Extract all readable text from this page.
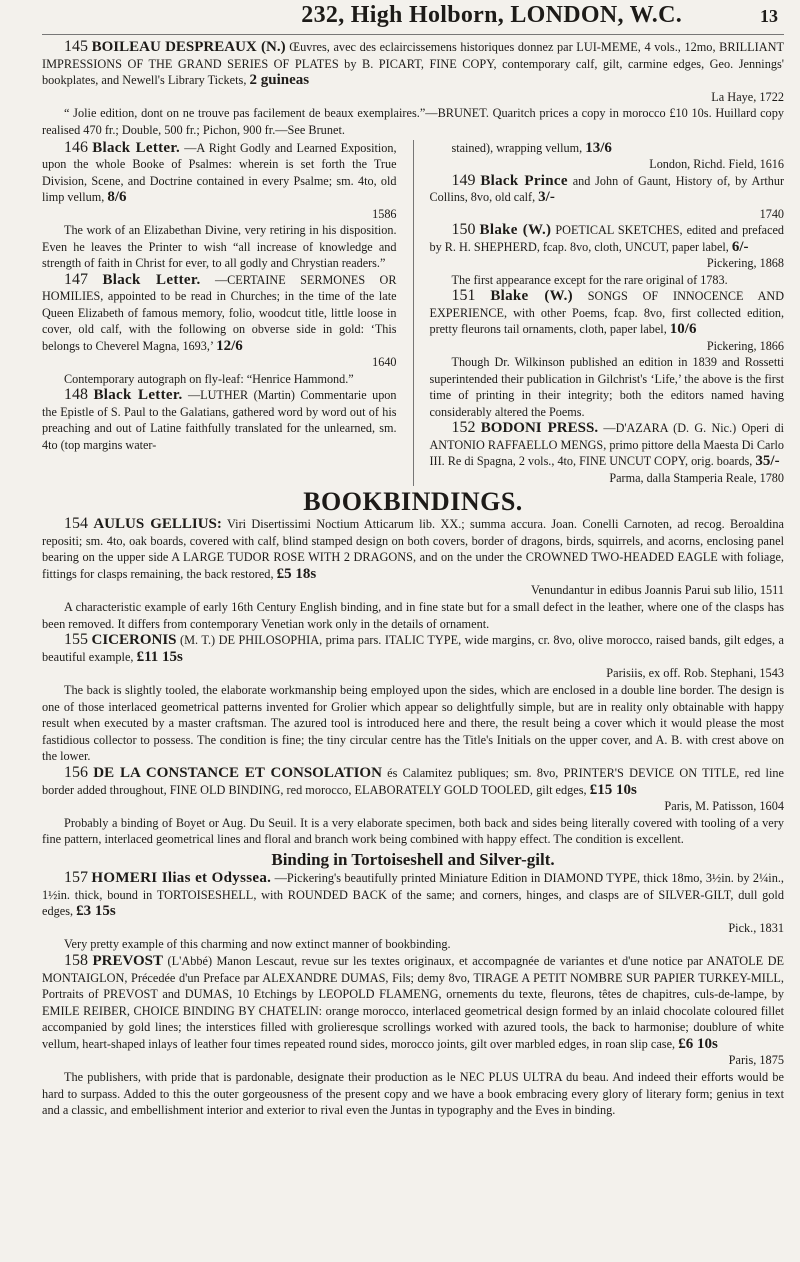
232, High Holborn, LONDON, W.C.	13

145 BOILEAU DESPREAUX (N.) Œuvres, avec des eclaircissemens historiques donnez par LUI-MEME, 4 vols., 12mo, BRILLIANT IMPRESSIONS OF THE GRAND SERIES OF PLATES by B. PICART, FINE COPY, contemporary calf, gilt, carmine edges, Geo. Jennings' bookplates, and Newell's Library Tickets, 2 guineas
La Haye, 1722

“ Jolie edition, dont on ne trouve pas facilement de beaux exemplaires.”—BRUNET. Quaritch prices a copy in morocco £10 10s. Huillard copy realised 470 fr.; Double, 500 fr.; Pichon, 900 fr.—See Brunet.

146 Black Letter. —A Right Godly and Learned Exposition, upon the whole Booke of Psalmes: wherein is set forth the True Division, Scene, and Doctrine contained in every Psalme; sm. 4to, old limp vellum, 8/6
1586

The work of an Elizabethan Divine, very retiring in his disposition. Even he leaves the Printer to wish “all increase of knowledge and strength of faith in Christ for ever, to all godly and Chrystian readers.”

147 Black Letter. —CERTAINE SERMONES OR HOMILIES, appointed to be read in Churches; in the time of the late Queen Elizabeth of famous memory, folio, woodcut title, little loose in cover, old calf, with the following on obverse side in gold: ‘This belongs to Cheverel Magna, 1693,’ 12/6
1640

Contemporary autograph on fly-leaf: “Henrice Hammond.”

148 Black Letter. —LUTHER (Martin) Commentarie upon the Epistle of S. Paul to the Galatians, gathered word by word out of his preaching and out of Latine faithfully translated for the unlearned, sm. 4to (top margins water-

stained), wrapping vellum, 13/6
London, Richd. Field, 1616

149 Black Prince and John of Gaunt, History of, by Arthur Collins, 8vo, old calf, 3/-
1740

150 Blake (W.) POETICAL SKETCHES, edited and prefaced by R. H. SHEPHERD, fcap. 8vo, cloth, UNCUT, paper label, 6/-
Pickering, 1868

The first appearance except for the rare original of 1783.

151 Blake (W.) SONGS OF INNOCENCE AND EXPERIENCE, with other Poems, fcap. 8vo, first collected edition, pretty fleurons tail ornaments, cloth, paper label, 10/6
Pickering, 1866

Though Dr. Wilkinson published an edition in 1839 and Rossetti superintended their publication in Gilchrist's ‘Life,’ the above is the first time of printing in their integrity; both the editors named having considerably altered the Poems.

152 BODONI PRESS. —D'AZARA (D. G. Nic.) Operi di ANTONIO RAFFAELLO MENGS, primo pittore della Maesta Di Carlo III. Re di Spagna, 2 vols., 4to, FINE UNCUT COPY, orig. boards, 35/-
Parma, dalla Stamperia Reale, 1780

BOOKBINDINGS.

154 AULUS GELLIUS: Viri Disertissimi Noctium Atticarum lib. XX.; summa accura. Joan. Conelli Carnoten, ad recog. Beroaldina repositi; sm. 4to, oak boards, covered with calf, blind stamped design on both covers, border of dragons, birds, squirrels, and acorns, enclosing panel bearing on the upper side A LARGE TUDOR ROSE WITH 2 DRAGONS, and on the under the CROWNED TWO-HEADED EAGLE with foliage, fittings for clasps remaining, the back restored, £5 18s
Venundantur in edibus Joannis Parui sub lilio, 1511

A characteristic example of early 16th Century English binding, and in fine state but for a small defect in the leather, where one of the clasps has been removed. It differs from contemporary Venetian work only in the details of ornament.

155 CICERONIS (M. T.) DE PHILOSOPHIA, prima pars. ITALIC TYPE, wide margins, cr. 8vo, olive morocco, raised bands, gilt edges, a beautiful example, £11 15s
Parisiis, ex off. Rob. Stephani, 1543

The back is slightly tooled, the elaborate workmanship being employed upon the sides, which are enclosed in a double line border. The design is one of those interlaced geometrical patterns invented for Grolier which appear so delightfully simple, but are in reality only obtainable with happy result when executed by a master craftsman. The azured tool is introduced here and there, the result being a cover which it would please the most fastidious collector to possess. The condition is fine; the tiny circular centre has the Title's Initials on the upper cover, and A. B. with crest above on the lower.

156 DE LA CONSTANCE ET CONSOLATION és Calamitez publiques; sm. 8vo, PRINTER'S DEVICE ON TITLE, red line border added throughout, FINE OLD BINDING, red morocco, ELABORATELY GOLD TOOLED, gilt edges, £15 10s
Paris, M. Patisson, 1604

Probably a binding of Boyet or Aug. Du Seuil. It is a very elaborate specimen, both back and sides being literally covered with tooling of a very fine pattern, interlaced geometrical lines and floral and branch work being combined with happy effect. The condition is excellent.

Binding in Tortoiseshell and Silver-gilt.

157 HOMERI Ilias et Odyssea. —Pickering's beautifully printed Miniature Edition in DIAMOND TYPE, thick 18mo, 3½in. by 2¼in., 1½in. thick, bound in TORTOISESHELL, with ROUNDED BACK of the same; and corners, hinges, and clasps are of SILVER-GILT, dull gold edges, £3 15s
Pick., 1831

Very pretty example of this charming and now extinct manner of bookbinding.

158 PREVOST (L'Abbé) Manon Lescaut, revue sur les textes originaux, et accompagnée de variantes et d'une notice par ANATOLE DE MONTAIGLON, Précedée d'un Preface par ALEXANDRE DUMAS, Fils; demy 8vo, TIRAGE A PETIT NOMBRE SUR PAPIER TURKEY-MILL, Portraits of PREVOST and DUMAS, 10 Etchings by LEOPOLD FLAMENG, ornements du texte, fleurons, têtes de chapitres, culs-de-lampe, by EMILE REIBER, CHOICE BINDING BY CHATELIN: orange morocco, interlaced geometrical design formed by an inlaid chocolate coloured fillet accompanied by gold lines; the interstices filled with grolieresque scrollings worked with azured tools, the back to harmonise; doublure of white vellum, heart-shaped inlays of leather four times repeated round sides, morocco joints, gilt over marbled edges, in roan slip case, £6 10s
Paris, 1875

The publishers, with pride that is pardonable, designate their production as le NEC PLUS ULTRA du beau. And indeed their efforts would be hard to surpass. Added to this the outer gorgeousness of the present copy and we have a book embracing every glory of literary form; genius in text and a classic, and embellishment interior and exterior to rival even the Juntas in typography and the Eves in binding.
